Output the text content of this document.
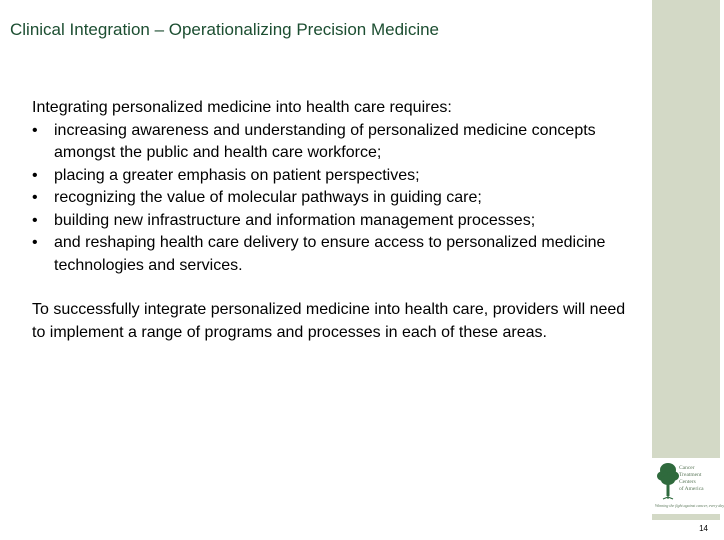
Clinical Integration – Operationalizing Precision Medicine

Integrating personalized medicine into health care requires:

• increasing awareness and understanding of personalized medicine concepts amongst the public and health care workforce;
• placing a greater emphasis on patient perspectives;
• recognizing the value of molecular pathways in guiding care;
• building new infrastructure and information management processes;
• and reshaping health care delivery to ensure access to personalized medicine technologies and services.

To successfully integrate personalized medicine into health care, providers will need to implement a range of programs and processes in each of these areas.

Cancer
Treatment
Centers
of America
Winning the fight against cancer, every day
14
